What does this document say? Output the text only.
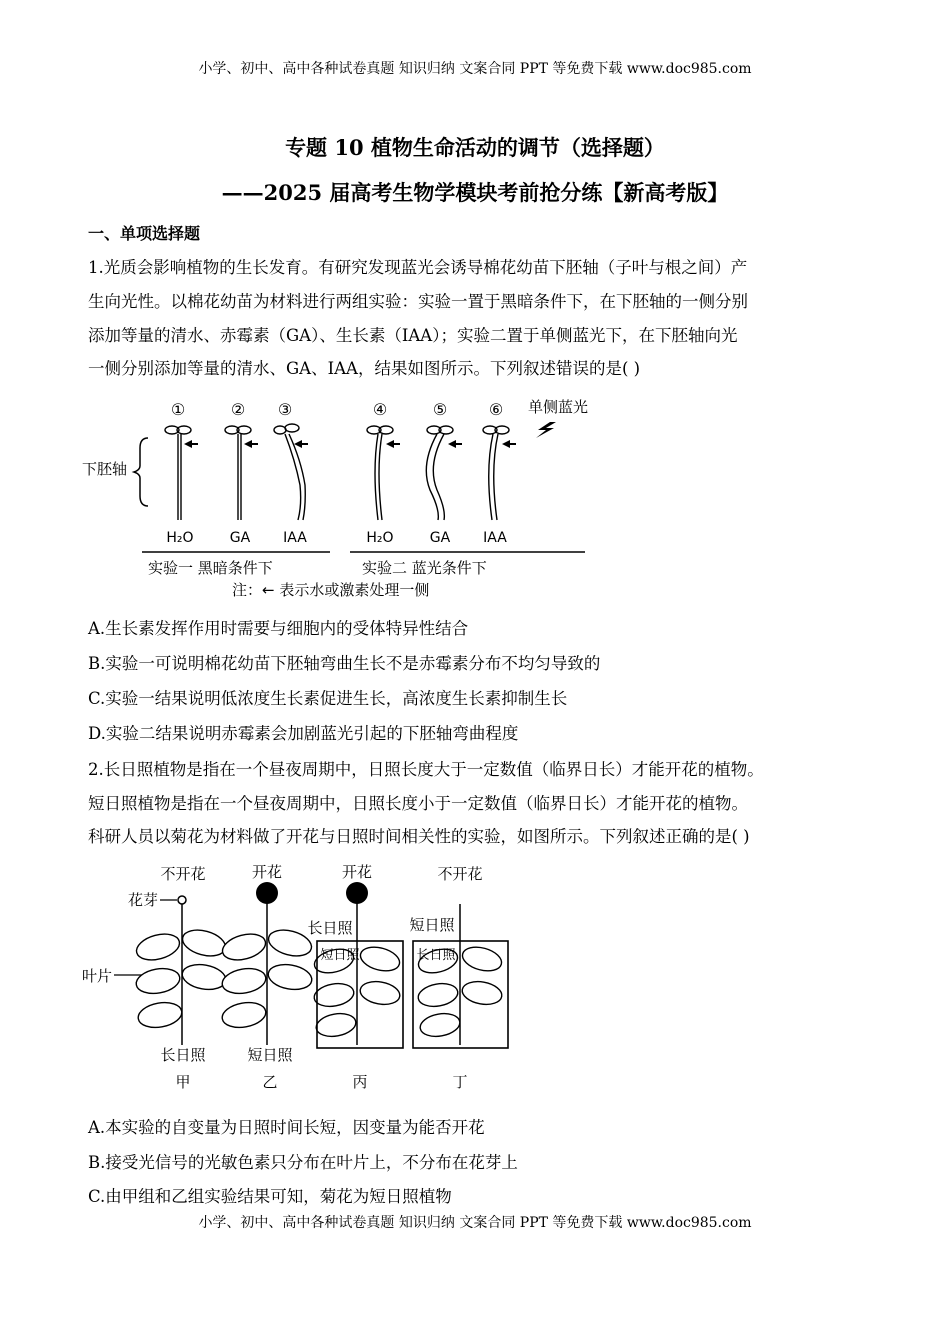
小学、初中、高中各种试卷真题 知识归纳 文案合同 PPT 等免费下载 www.doc985.com
专题 10 植物生命活动的调节（选择题）
——2025 届高考生物学模块考前抢分练【新高考版】
一、单项选择题
1.光质会影响植物的生长发育。有研究发现蓝光会诱导棉花幼苗下胚轴（子叶与根之间）产
生向光性。以棉花幼苗为材料进行两组实验：实验一置于黑暗条件下，在下胚轴的一侧分别
添加等量的清水、赤霉素（GA）、生长素（IAA）；实验二置于单侧蓝光下，在下胚轴向光
一侧分别添加等量的清水、GA、IAA，结果如图所示。下列叙述错误的是( )
①	② ③	④	⑤	⑥ 单侧蓝光
下胚轴
H₂O	GA IAA	H₂O	GA IAA
实验一 黑暗条件下	实验二 蓝光条件下
注：← 表示水或激素处理一侧
A.生长素发挥作用时需要与细胞内的受体特异性结合
B.实验一可说明棉花幼苗下胚轴弯曲生长不是赤霉素分布不均匀导致的
C.实验一结果说明低浓度生长素促进生长，高浓度生长素抑制生长
D.实验二结果说明赤霉素会加剧蓝光引起的下胚轴弯曲程度
2.长日照植物是指在一个昼夜周期中，日照长度大于一定数值（临界日长）才能开花的植物。
短日照植物是指在一个昼夜周期中，日照长度小于一定数值（临界日长）才能开花的植物。
科研人员以菊花为材料做了开花与日照时间相关性的实验，如图所示。下列叙述正确的是( )
不开花	开花	开花	不开花
花芽
叶片
长日照	短日照
短日照	长日照
长日照	短日照
甲	乙	丙	丁
A.本实验的自变量为日照时间长短，因变量为能否开花
B.接受光信号的光敏色素只分布在叶片上，不分布在花芽上
C.由甲组和乙组实验结果可知，菊花为短日照植物
小学、初中、高中各种试卷真题 知识归纳 文案合同 PPT 等免费下载 www.doc985.com
